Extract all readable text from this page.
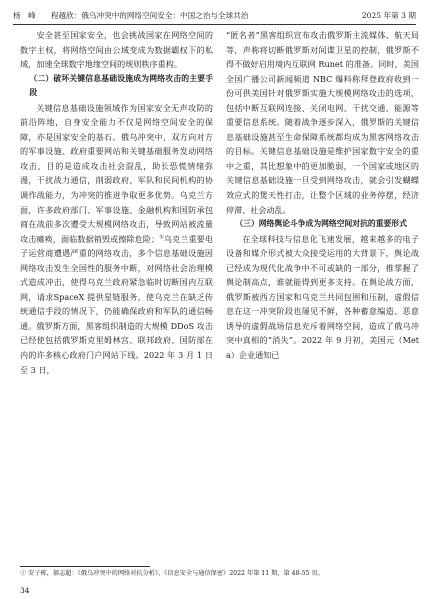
杨　峰　　程越欣：俄乌冲突中的网络空间安全：中国之治与全球共治	2025 年第 3 期

安全甚至国家安全，也会挑战国家在网络空间的数字主权，将网络空间由公域变成为数据霸权下的私域，加速全球数字地缘空间的规则秩序重构。

（二）破坏关键信息基础设施成为网络攻击的主要手段

关键信息基础设施领域作为国家安全无声攻防的前沿阵地，自身安全能力不仅是网络空间安全的保障，亦是国家安全的基石。俄乌冲突中，双方向对方的军事设施、政府重要网站和关键基础服务发动网络攻击，目的是造成攻击社会混乱，助长恐慌情绪弥漫，干扰战力通信，削弱政府、军队和民间机构的协调作战能力，为冲突的推进争取更多优势。乌克兰方面，许多政府部门、军事设施、金融机构和国防承包商在战前多次遭受大规模网络攻击，导致网站被流量攻击瘫痪，面临数据销毁或擦除危险；①乌克兰重要电子运营商遭遇严重的网络攻击，多个信息基础设施因网络攻击发生全国性的服务中断，对网络社会治理模式造成冲击，使得乌克兰政府紧急临时切断国内互联网，请求SpaceX 提供星链服务，使乌克兰在缺乏传统通信手段的情况下，仍能确保政府和军队的通信畅通。俄罗斯方面，黑客组织制造的大规模 DDoS 攻击已经使包括俄罗斯克里姆林宫、联邦政府、国防部在内的许多核心政府门户网站下线。2022 年 3 月 1 日至 3 日，

“匿名者”黑客组织宣布攻击俄罗斯主流媒体、航天局等，声称将切断俄罗斯对间谍卫星的控制，俄罗斯不得不做好启用境内互联网 Runet 的准备。同时，美国全国广播公司新闻频道 NBC 爆料称拜登政府收到一份可供美国针对俄罗斯实施大规模网络攻击的选项，包括中断互联网连接、关闭电网、干扰交通、能源等重要信息系统。随着战争逐步深入，俄罗斯的关键信息基础设施甚至生命保障系统都均成为黑客网络攻击的目标。关键信息基础设施是维护国家数字安全的重中之重，其比想象中的更加脆弱，一个国家或地区的关键信息基础设施一旦受到网络攻击，就会引发蝴蝶效应式的煲天性打击，让整个区域的业务停摆，经济停滞、社会动乱。

（三）网络舆论斗争成为网络空间对抗的重要形式

在全球科技与信息化飞速发展，越来越多的电子设备和媒介形式被大众接受运用的大背景下，舆论战已经成为现代化战争中不可或缺的一部分，推掌握了舆论制高点，谁就能得到更多支持。在舆论战方面，俄罗斯被西方国家和乌克兰共同包围和压制，虚假信息在这一冲突阶段也屡见不鲜，各种蓄意编造、恶意诱导的虚假战场信息充斥着网络空间，造成了俄乌冲突中真相的“消失”。2022 年 9 月初，美国元（Meta）企业通知已

① 安子栋，郝志超：《俄乌冲突中的网络对抗分析》，《信息安全与通信保密》2022 年第 11 期，第 48-55 页。
34
